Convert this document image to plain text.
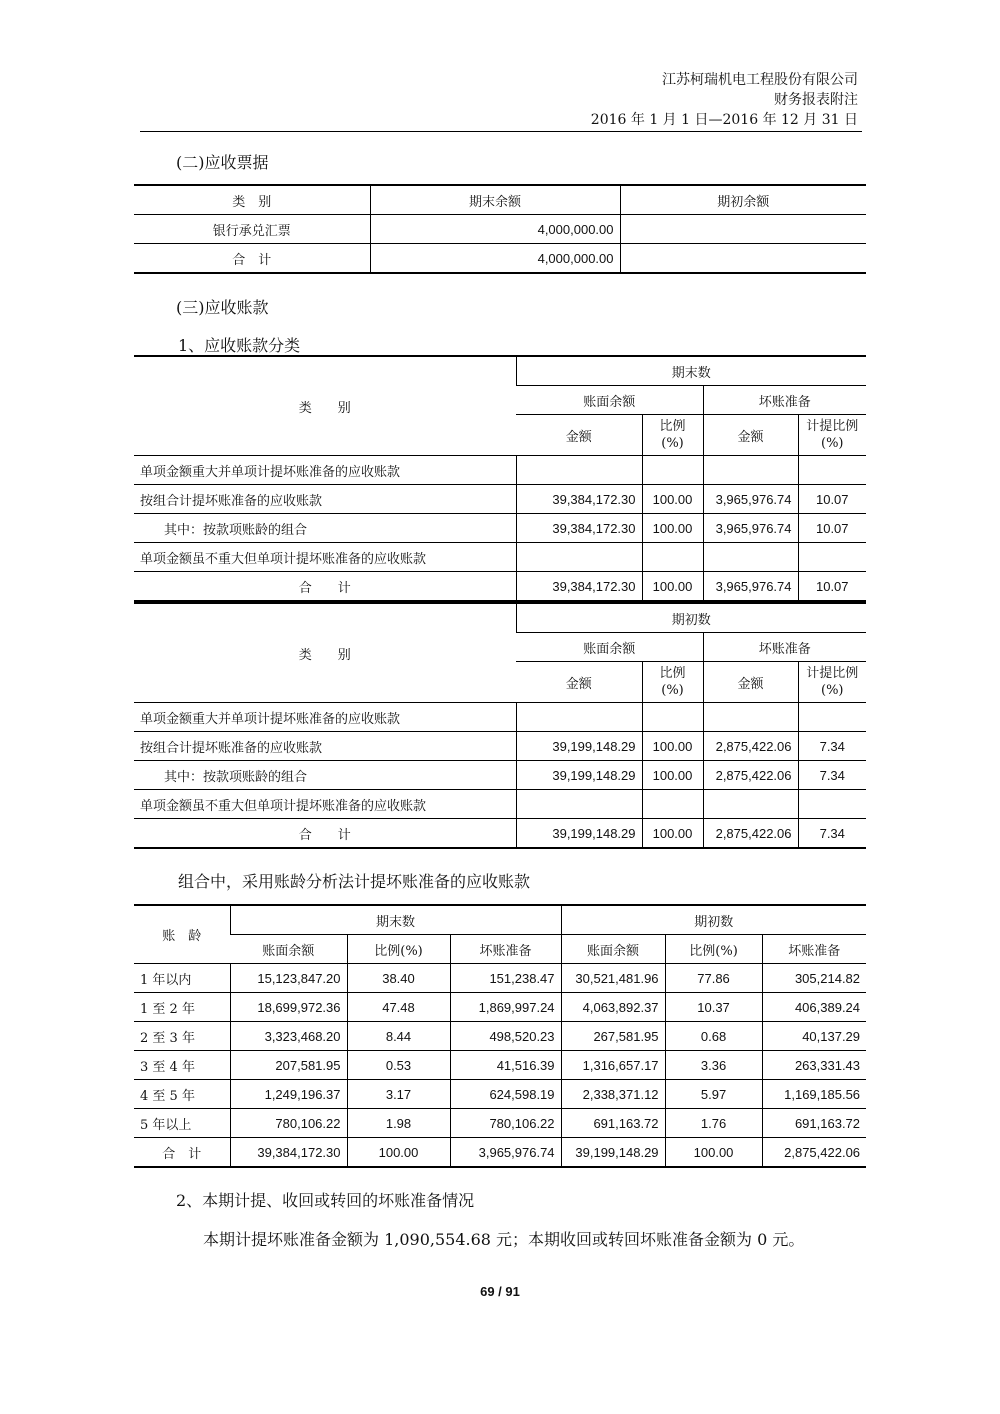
江苏柯瑞机电工程股份有限公司
财务报表附注
2016 年 1 月 1 日—2016 年 12 月 31 日
(二)应收票据
类　别	期末余额	期初余额
银行承兑汇票	4,000,000.00	
合　计	4,000,000.00	
(三)应收账款
1、应收账款分类
类　　别	期末数			
	账面余额		坏账准备	
	金额	比例(%)	金额	计提比例(%)
单项金额重大并单项计提坏账准备的应收账款				
按组合计提坏账准备的应收账款	39,384,172.30	100.00	3,965,976.74	10.07
其中：按款项账龄的组合	39,384,172.30	100.00	3,965,976.74	10.07
单项金额虽不重大但单项计提坏账准备的应收账款				
合　　计	39,384,172.30	100.00	3,965,976.74	10.07
类　　别	期初数			
	账面余额		坏账准备	
	金额	比例(%)	金额	计提比例(%)
单项金额重大并单项计提坏账准备的应收账款				
按组合计提坏账准备的应收账款	39,199,148.29	100.00	2,875,422.06	7.34
其中：按款项账龄的组合	39,199,148.29	100.00	2,875,422.06	7.34
单项金额虽不重大但单项计提坏账准备的应收账款				
合　　计	39,199,148.29	100.00	2,875,422.06	7.34
组合中，采用账龄分析法计提坏账准备的应收账款
账　龄	期末数			期初数		
	账面余额	比例(%)	坏账准备	账面余额	比例(%)	坏账准备
1 年以内	15,123,847.20	38.40	151,238.47	30,521,481.96	77.86	305,214.82
1 至 2 年	18,699,972.36	47.48	1,869,997.24	4,063,892.37	10.37	406,389.24
2 至 3 年	3,323,468.20	8.44	498,520.23	267,581.95	0.68	40,137.29
3 至 4 年	207,581.95	0.53	41,516.39	1,316,657.17	3.36	263,331.43
4 至 5 年	1,249,196.37	3.17	624,598.19	2,338,371.12	5.97	1,169,185.56
5 年以上	780,106.22	1.98	780,106.22	691,163.72	1.76	691,163.72
合　计	39,384,172.30	100.00	3,965,976.74	39,199,148.29	100.00	2,875,422.06
2、本期计提、收回或转回的坏账准备情况
本期计提坏账准备金额为 1,090,554.68 元；本期收回或转回坏账准备金额为 0 元。
69 / 91
